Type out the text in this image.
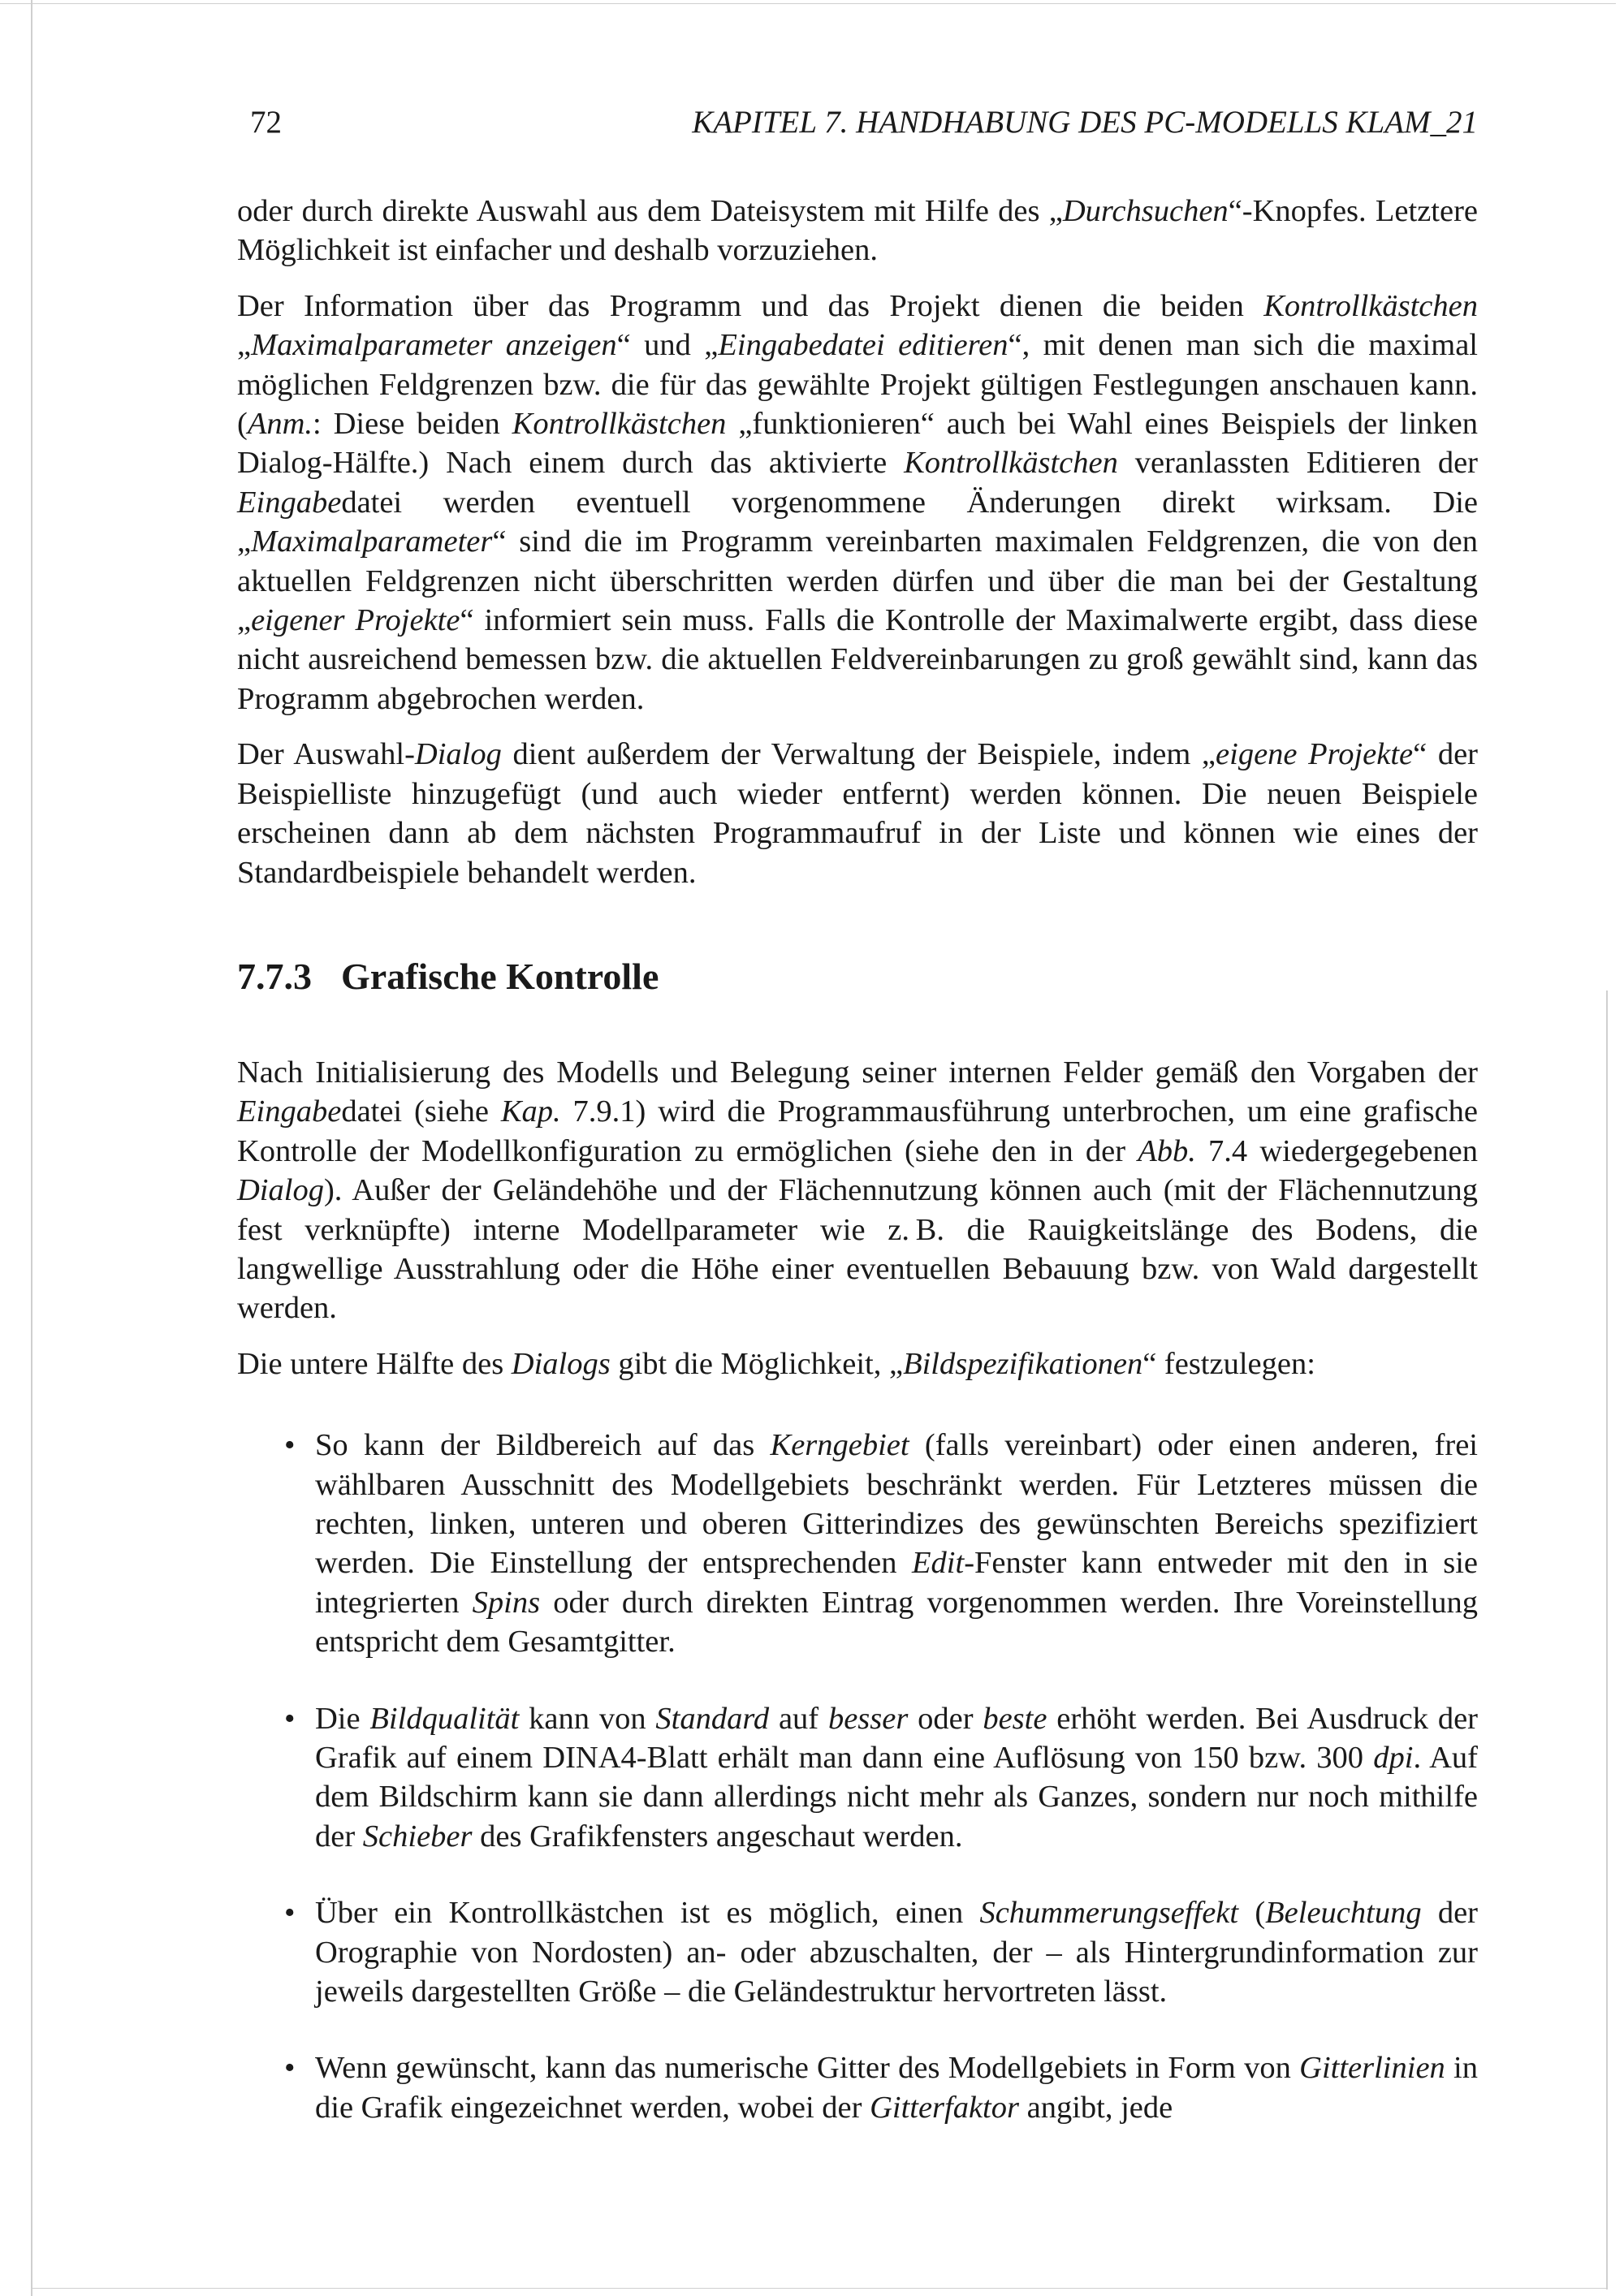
72	KAPITEL 7. HANDHABUNG DES PC-MODELLS KLAM_21

oder durch direkte Auswahl aus dem Dateisystem mit Hilfe des „Durchsuchen“-Knopfes. Letztere Möglichkeit ist einfacher und deshalb vorzuziehen.

Der Information über das Programm und das Projekt dienen die beiden Kontrollkästchen „Maximalparameter anzeigen“ und „Eingabedatei editieren“, mit denen man sich die maximal möglichen Feldgrenzen bzw. die für das gewählte Projekt gültigen Festlegungen anschauen kann. (Anm.: Diese beiden Kontrollkästchen „funktionieren“ auch bei Wahl eines Beispiels der linken Dialog-Hälfte.) Nach einem durch das aktivierte Kontrollkästchen veranlassten Editieren der Eingabedatei werden eventuell vorgenommene Änderungen direkt wirksam. Die „Maximalparameter“ sind die im Programm vereinbarten maximalen Feldgrenzen, die von den aktuellen Feldgrenzen nicht überschritten werden dürfen und über die man bei der Gestaltung „eigener Projekte“ informiert sein muss. Falls die Kontrolle der Maximalwerte ergibt, dass diese nicht ausreichend bemessen bzw. die aktuellen Feldvereinbarungen zu groß gewählt sind, kann das Programm abgebrochen werden.

Der Auswahl-Dialog dient außerdem der Verwaltung der Beispiele, indem „eigene Projekte“ der Beispielliste hinzugefügt (und auch wieder entfernt) werden können. Die neuen Beispiele erscheinen dann ab dem nächsten Programmaufruf in der Liste und können wie eines der Standardbeispiele behandelt werden.

7.7.3 Grafische Kontrolle

Nach Initialisierung des Modells und Belegung seiner internen Felder gemäß den Vorgaben der Eingabedatei (siehe Kap. 7.9.1) wird die Programmausführung unterbrochen, um eine grafische Kontrolle der Modellkonfiguration zu ermöglichen (siehe den in der Abb. 7.4 wiedergegebenen Dialog). Außer der Geländehöhe und der Flächennutzung können auch (mit der Flächennutzung fest verknüpfte) interne Modellparameter wie z. B. die Rauigkeitslänge des Bodens, die langwellige Ausstrahlung oder die Höhe einer eventuellen Bebauung bzw. von Wald dargestellt werden.

Die untere Hälfte des Dialogs gibt die Möglichkeit, „Bildspezifikationen“ festzulegen:

• So kann der Bildbereich auf das Kerngebiet (falls vereinbart) oder einen anderen, frei wählbaren Ausschnitt des Modellgebiets beschränkt werden. Für Letzteres müssen die rechten, linken, unteren und oberen Gitterindizes des gewünschten Bereichs spezifiziert werden. Die Einstellung der entsprechenden Edit-Fenster kann entweder mit den in sie integrierten Spins oder durch direkten Eintrag vorgenommen werden. Ihre Voreinstellung entspricht dem Gesamtgitter.
• Die Bildqualität kann von Standard auf besser oder beste erhöht werden. Bei Ausdruck der Grafik auf einem DINA4-Blatt erhält man dann eine Auflösung von 150 bzw. 300 dpi. Auf dem Bildschirm kann sie dann allerdings nicht mehr als Ganzes, sondern nur noch mithilfe der Schieber des Grafikfensters angeschaut werden.
• Über ein Kontrollkästchen ist es möglich, einen Schummerungseffekt (Beleuchtung der Orographie von Nordosten) an- oder abzuschalten, der – als Hintergrundinformation zur jeweils dargestellten Größe – die Geländestruktur hervortreten lässt.
• Wenn gewünscht, kann das numerische Gitter des Modellgebiets in Form von Gitterlinien in die Grafik eingezeichnet werden, wobei der Gitterfaktor angibt, jede
